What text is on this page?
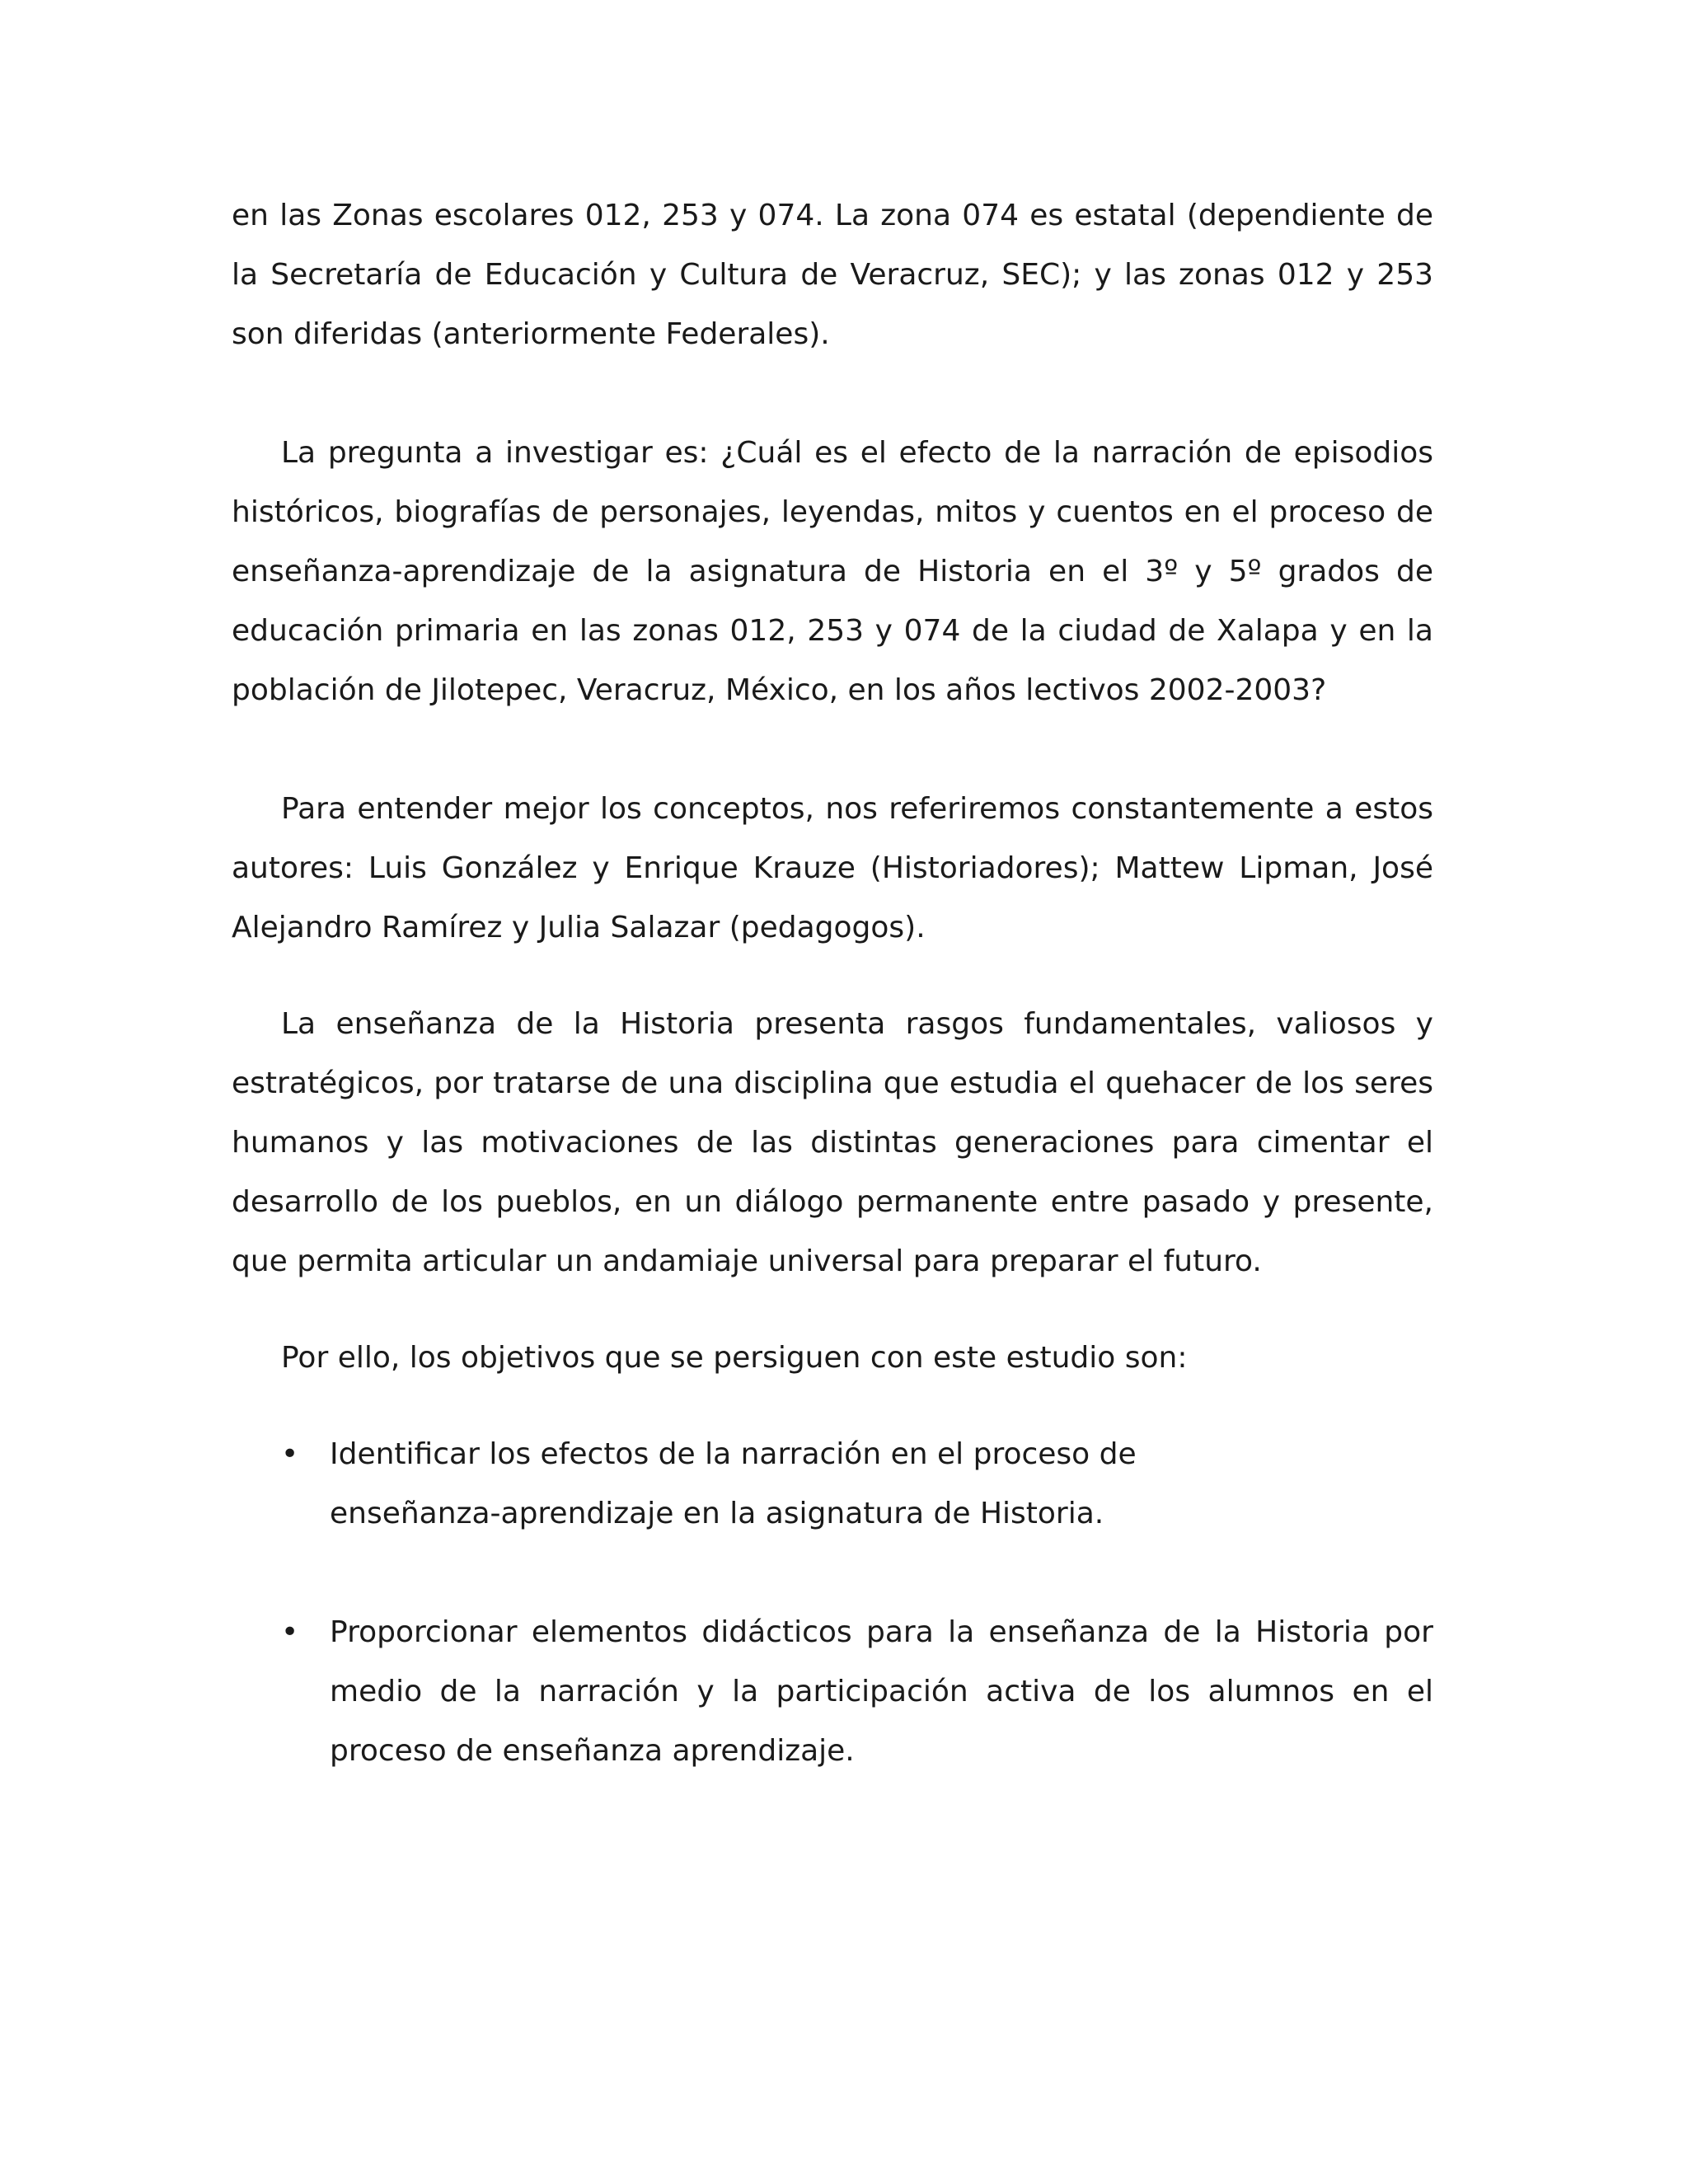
en las Zonas escolares 012, 253 y 074. La zona 074 es estatal (dependiente de la Secretaría de Educación y Cultura de Veracruz, SEC); y las zonas 012 y 253 son diferidas (anteriormente Federales).

La pregunta a investigar es: ¿Cuál es el efecto de la narración de episodios históricos, biografías de personajes, leyendas, mitos y cuentos en el proceso de enseñanza-aprendizaje de la asignatura de Historia en el 3º y 5º grados de educación primaria en las zonas 012, 253 y 074 de la ciudad de Xalapa y en la población de Jilotepec, Veracruz, México, en los años lectivos 2002-2003?

Para entender mejor los conceptos, nos referiremos constantemente a estos autores: Luis González y Enrique Krauze (Historiadores); Mattew Lipman, José Alejandro Ramírez y Julia Salazar (pedagogos).

La enseñanza de la Historia presenta rasgos fundamentales, valiosos y estratégicos, por tratarse de una disciplina que estudia el quehacer de los seres humanos y las motivaciones de las distintas generaciones para cimentar el desarrollo de los pueblos, en un diálogo permanente entre pasado y presente, que permita articular un andamiaje universal para preparar el futuro.

Por ello, los objetivos que se persiguen con este estudio son:

• Identificar los efectos de la narración en el proceso de enseñanza-aprendizaje en la asignatura de Historia.
• Proporcionar elementos didácticos para la enseñanza de la Historia por medio de la narración y la participación activa de los alumnos en el proceso de enseñanza aprendizaje.
